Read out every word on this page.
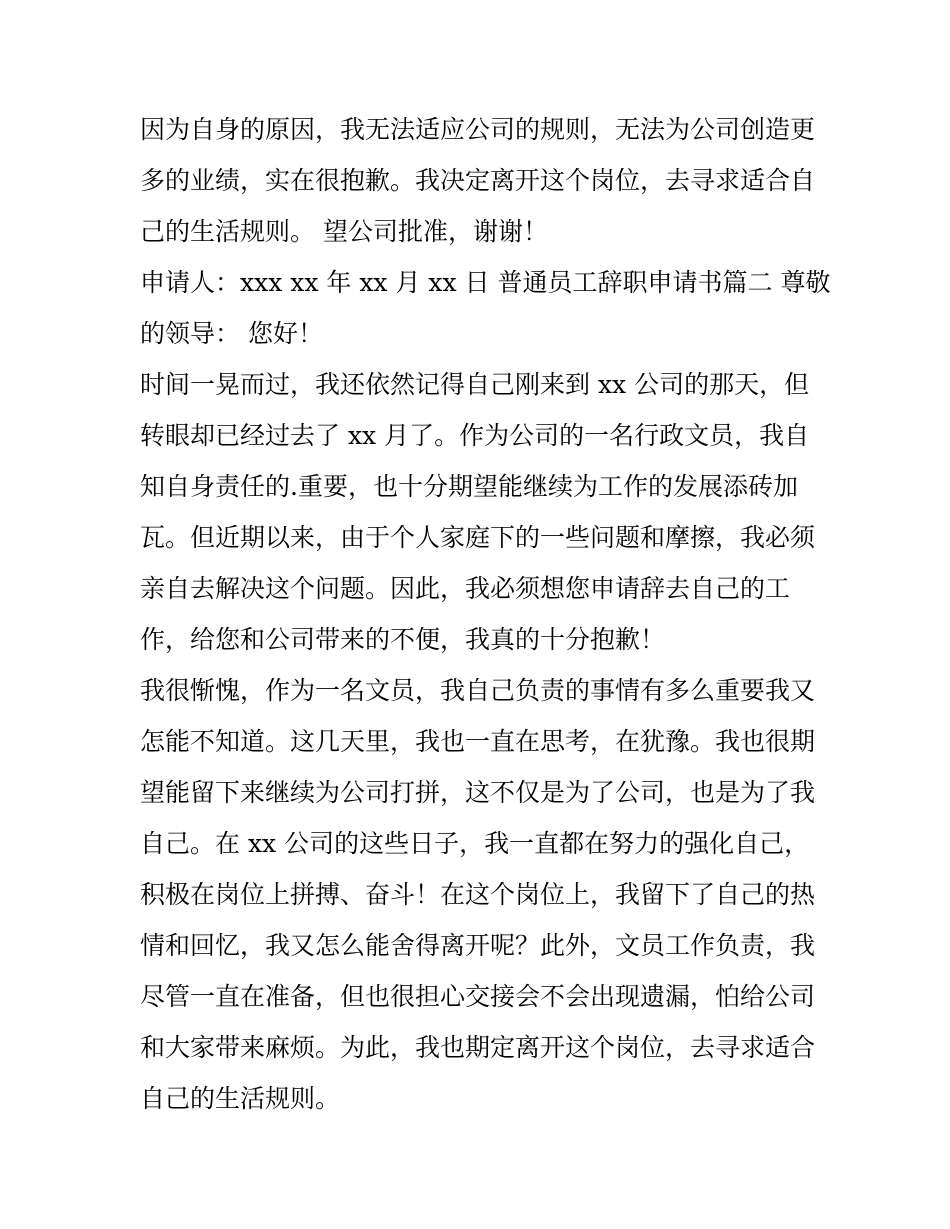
因为自身的原因，我无法适应公司的规则，无法为公司创造更
多的业绩，实在很抱歉。我决定离开这个岗位，去寻求适合自
己的生活规则。 望公司批准，谢谢！
申请人：xxx xx 年 xx 月 xx 日 普通员工辞职申请书篇二 尊敬
的领导： 您好！
时间一晃而过，我还依然记得自己刚来到 xx 公司的那天，但
转眼却已经过去了 xx 月了。作为公司的一名行政文员，我自
知自身责任的.重要，也十分期望能继续为工作的发展添砖加
瓦。但近期以来，由于个人家庭下的一些问题和摩擦，我必须
亲自去解决这个问题。因此，我必须想您申请辞去自己的工
作，给您和公司带来的不便，我真的十分抱歉！
我很惭愧，作为一名文员，我自己负责的事情有多么重要我又
怎能不知道。这几天里，我也一直在思考，在犹豫。我也很期
望能留下来继续为公司打拼，这不仅是为了公司，也是为了我
自己。在 xx 公司的这些日子，我一直都在努力的强化自己，
积极在岗位上拼搏、奋斗！在这个岗位上，我留下了自己的热
情和回忆，我又怎么能舍得离开呢？此外，文员工作负责，我
尽管一直在准备，但也很担心交接会不会出现遗漏，怕给公司
和大家带来麻烦。为此，我也期定离开这个岗位，去寻求适合
自己的生活规则。
